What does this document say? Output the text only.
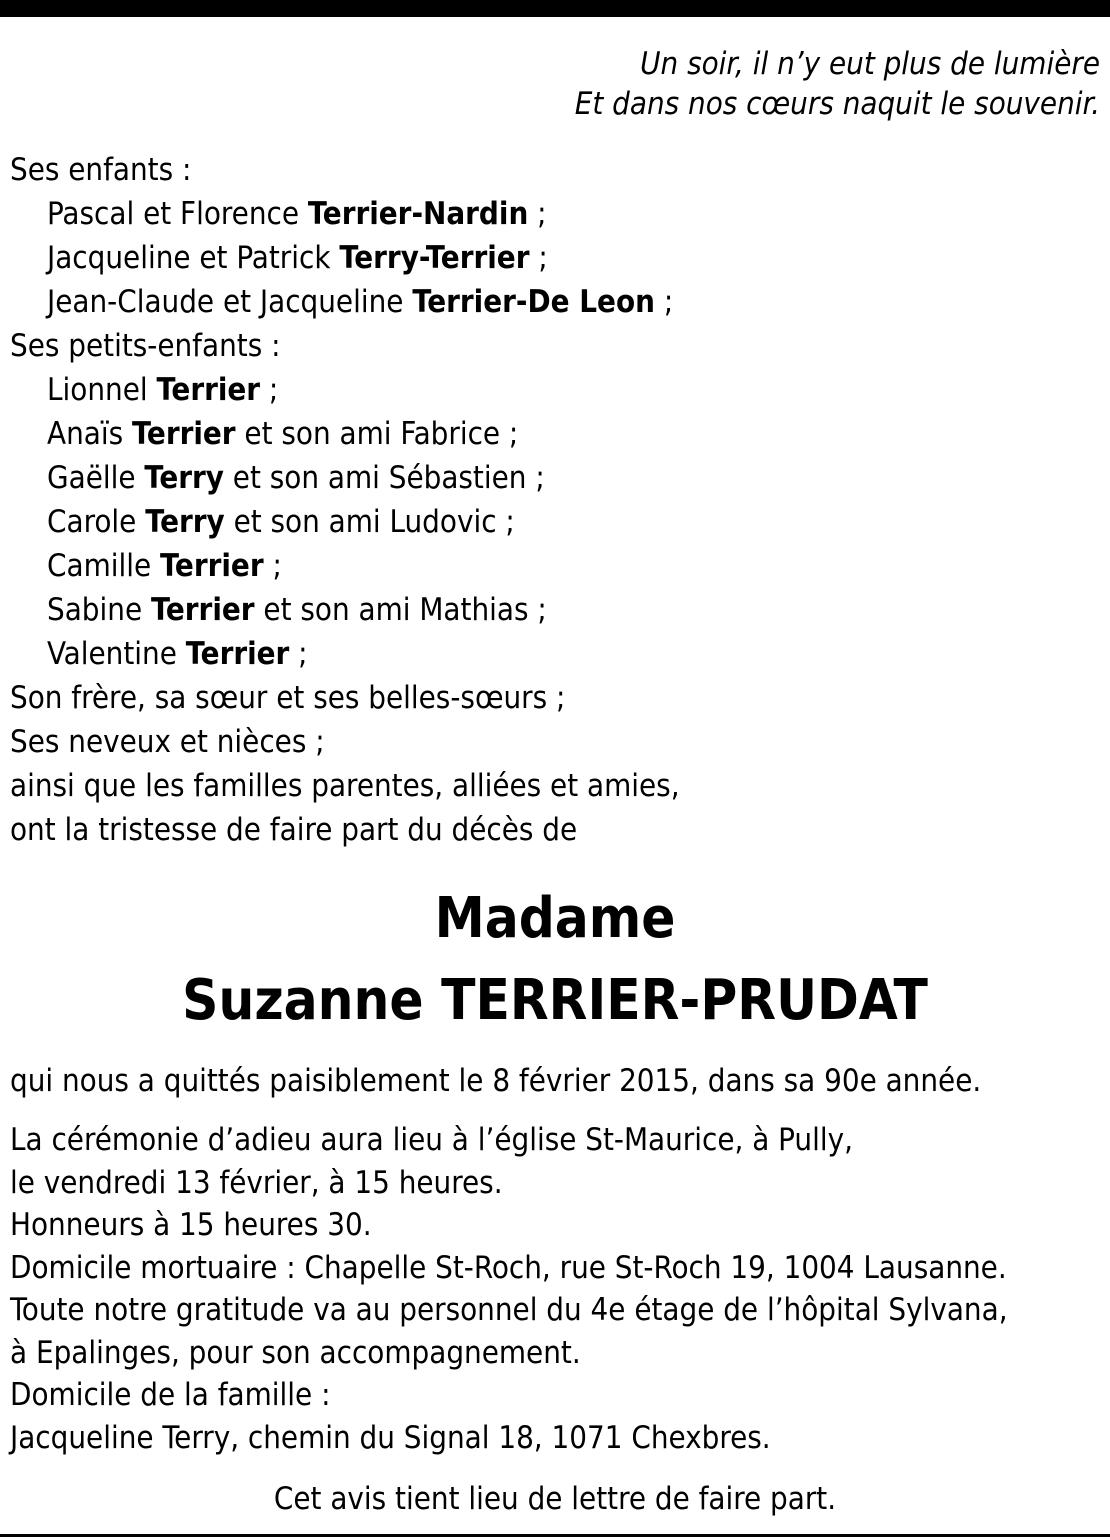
Un soir, il n’y eut plus de lumière
Et dans nos cœurs naquit le souvenir.
Ses enfants :
Pascal et Florence Terrier-Nardin ;
Jacqueline et Patrick Terry-Terrier ;
Jean-Claude et Jacqueline Terrier-De Leon ;
Ses petits-enfants :
Lionnel Terrier ;
Anaïs Terrier et son ami Fabrice ;
Gaëlle Terry et son ami Sébastien ;
Carole Terry et son ami Ludovic ;
Camille Terrier ;
Sabine Terrier et son ami Mathias ;
Valentine Terrier ;
Son frère, sa sœur et ses belles-sœurs ;
Ses neveux et nièces ;
ainsi que les familles parentes, alliées et amies,
ont la tristesse de faire part du décès de
Madame
Suzanne TERRIER-PRUDAT
qui nous a quittés paisiblement le 8 février 2015, dans sa 90e année.
La cérémonie d’adieu aura lieu à l’église St-Maurice, à Pully,
le vendredi 13 février, à 15 heures.
Honneurs à 15 heures 30.
Domicile mortuaire : Chapelle St-Roch, rue St-Roch 19, 1004 Lausanne.
Toute notre gratitude va au personnel du 4e étage de l’hôpital Sylvana,
à Epalinges, pour son accompagnement.
Domicile de la famille :
Jacqueline Terry, chemin du Signal 18, 1071 Chexbres.
Cet avis tient lieu de lettre de faire part.
